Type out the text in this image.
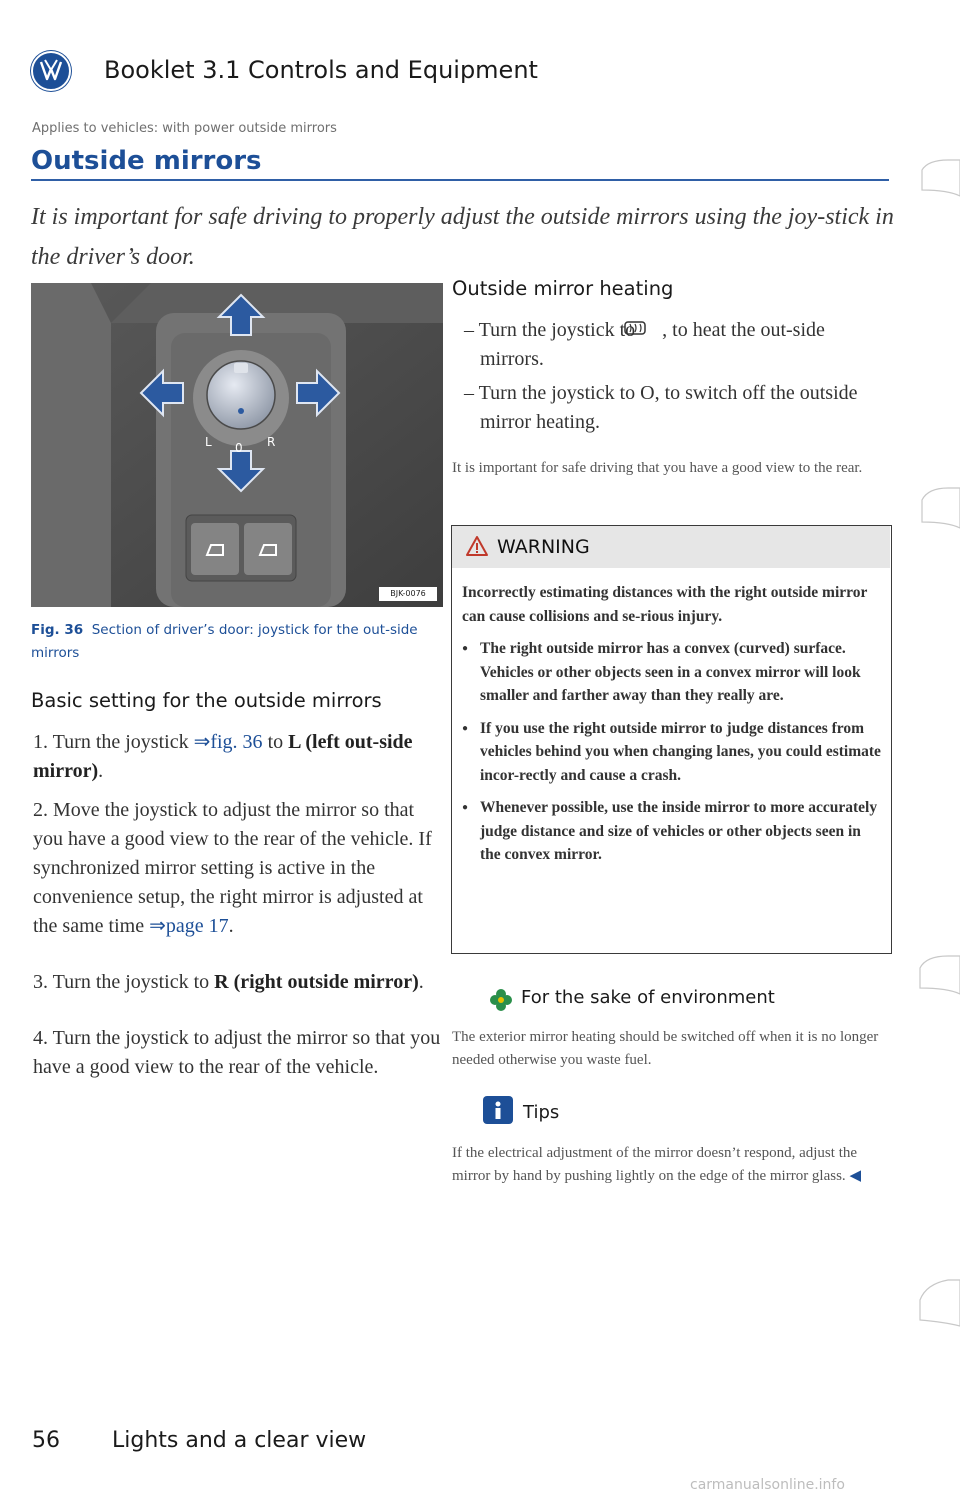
Booklet 3.1 Controls and Equipment
Applies to vehicles: with power outside mirrors
Outside mirrors
It is important for safe driving to properly adjust the outside mirrors using the joy-stick in the driver’s door.
L 0 R
BJK-0076
Fig. 36 Section of driver’s door: joystick for the out-side mirrors
Basic setting for the outside mirrors
1. Turn the joystick ⇒fig. 36 to L (left out-side mirror).
2. Move the joystick to adjust the mirror so that you have a good view to the rear of the vehicle. If synchronized mirror setting is active in the convenience setup, the right mirror is adjusted at the same time ⇒page 17.
3. Turn the joystick to R (right outside mirror).
4. Turn the joystick to adjust the mirror so that you have a good view to the rear of the vehicle.
Outside mirror heating
– Turn the joystick to , to heat the out-side mirrors.
– Turn the joystick to O, to switch off the outside mirror heating.
It is important for safe driving that you have a good view to the rear.
WARNING

Incorrectly estimating distances with the right outside mirror can cause collisions and se-rious injury.

● The right outside mirror has a convex (curved) surface. Vehicles or other objects seen in a convex mirror will look smaller and farther away than they really are.

● If you use the right outside mirror to judge distances from vehicles behind you when changing lanes, you could estimate incor-rectly and cause a crash.

● Whenever possible, use the inside mirror to more accurately judge distance and size of vehicles or other objects seen in the convex mirror.

For the sake of environment
The exterior mirror heating should be switched off when it is no longer needed otherwise you waste fuel.
Tips
If the electrical adjustment of the mirror doesn’t respond, adjust the mirror by hand by pushing lightly on the edge of the mirror glass. ◀
56 Lights and a clear view
carmanualsonline.info
